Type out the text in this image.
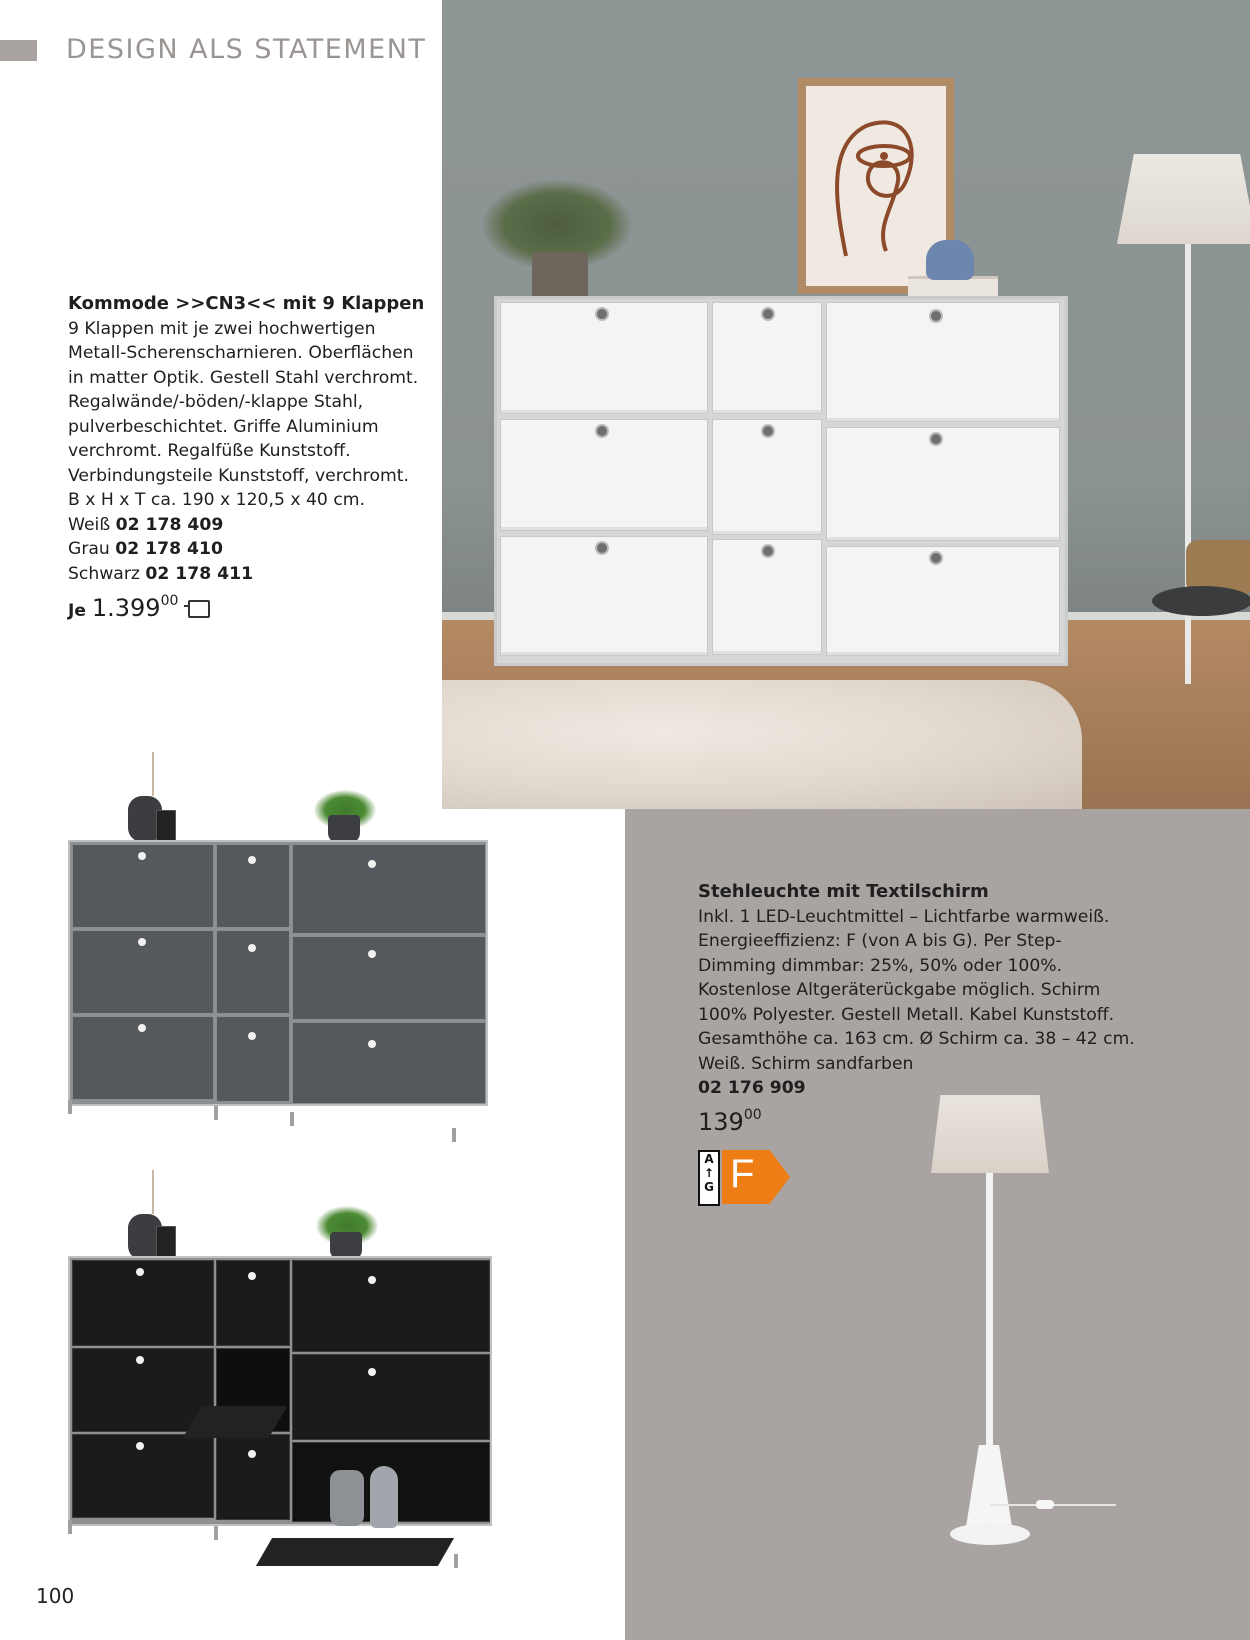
DESIGN ALS STATEMENT
Kommode >>CN3<< mit 9 Klappen
9 Klappen mit je zwei hochwertigen
Metall-Scherenscharnieren. Oberflächen
in matter Optik. Gestell Stahl verchromt.
Regalwände/-böden/-klappe Stahl,
pulverbeschichtet. Griffe Aluminium
verchromt. Regalfüße Kunststoff.
Verbindungsteile Kunststoff, verchromt.
B x H x T ca. 190 x 120,5 x 40 cm.
Weiß 02 178 409
Grau 02 178 410
Schwarz 02 178 411
Je 1.399$^{00}$
Stehleuchte mit Textilschirm
Inkl. 1 LED-Leuchtmittel – Lichtfarbe warmweiß.
Energieeffizienz: F (von A bis G). Per Step-
Dimming dimmbar: 25%, 50% oder 100%.
Kostenlose Altgeräterückgabe möglich. Schirm
100% Polyester. Gestell Metall. Kabel Kunststoff.
Gesamthöhe ca. 163 cm. Ø Schirm ca. 38 – 42 cm.
Weiß. Schirm sandfarben
02 176 909
$139^{00}$
A
↑
G F
100
